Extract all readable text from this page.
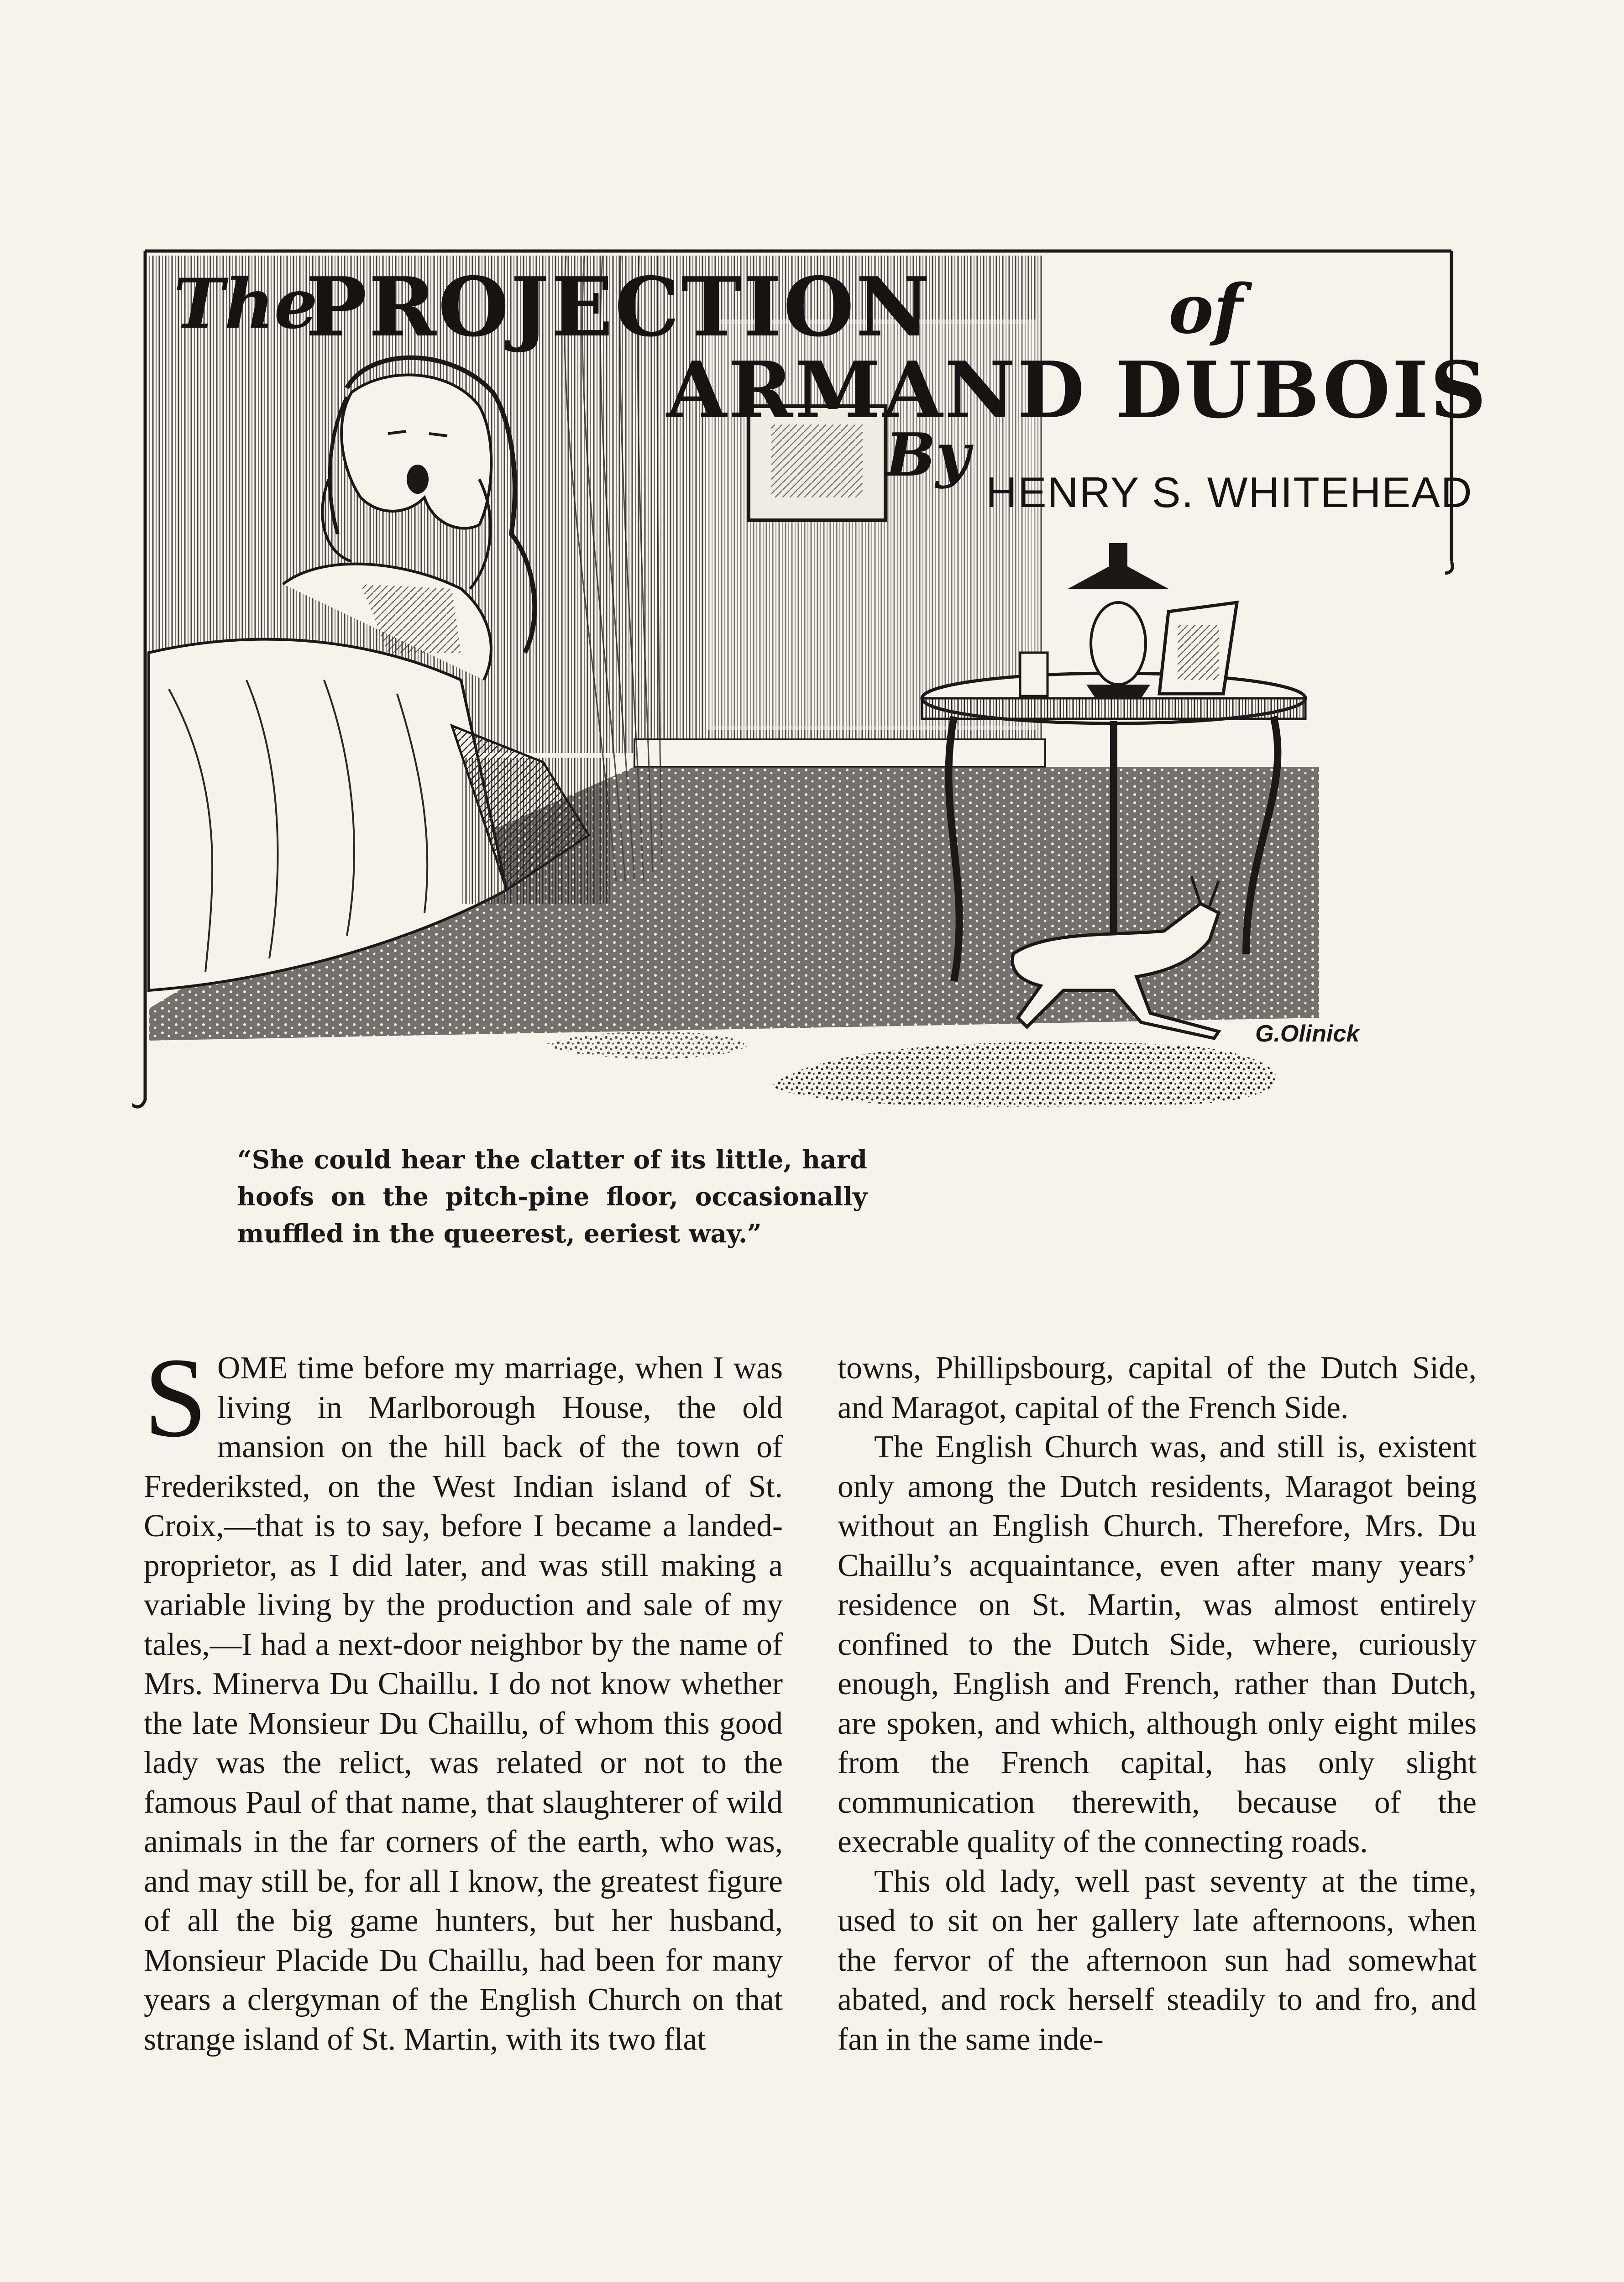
The

PROJECTION	of

ARMAND DUBOIS

By

HENRY S. WHITEHEAD

G.Olinick

“She could hear the clatter of its little, hard hoofs on the pitch-pine floor, occasionally muffled in the queerest, eeriest way.”

SOME time before my marriage, when I was living in Marlborough House, the old mansion on the hill back of the town of Frederiksted, on the West Indian island of St. Croix,—that is to say, before I became a landed-proprietor, as I did later, and was still making a variable living by the production and sale of my tales,—I had a next-door neighbor by the name of Mrs. Minerva Du Chaillu. I do not know whether the late Monsieur Du Chaillu, of whom this good lady was the relict, was related or not to the famous Paul of that name, that slaughterer of wild animals in the far corners of the earth, who was, and may still be, for all I know, the greatest figure of all the big game hunters, but her husband, Monsieur Placide Du Chaillu, had been for many years a clergyman of the English Church on that strange island of St. Martin, with its two flat

towns, Phillipsbourg, capital of the Dutch Side, and Maragot, capital of the French Side.

The English Church was, and still is, existent only among the Dutch residents, Maragot being without an English Church. Therefore, Mrs. Du Chaillu’s acquaintance, even after many years’ residence on St. Martin, was almost entirely confined to the Dutch Side, where, curiously enough, English and French, rather than Dutch, are spoken, and which, although only eight miles from the French capital, has only slight communication therewith, because of the execrable quality of the connecting roads.

This old lady, well past seventy at the time, used to sit on her gallery late afternoons, when the fervor of the afternoon sun had somewhat abated, and rock herself steadily to and fro, and fan in the same inde-
